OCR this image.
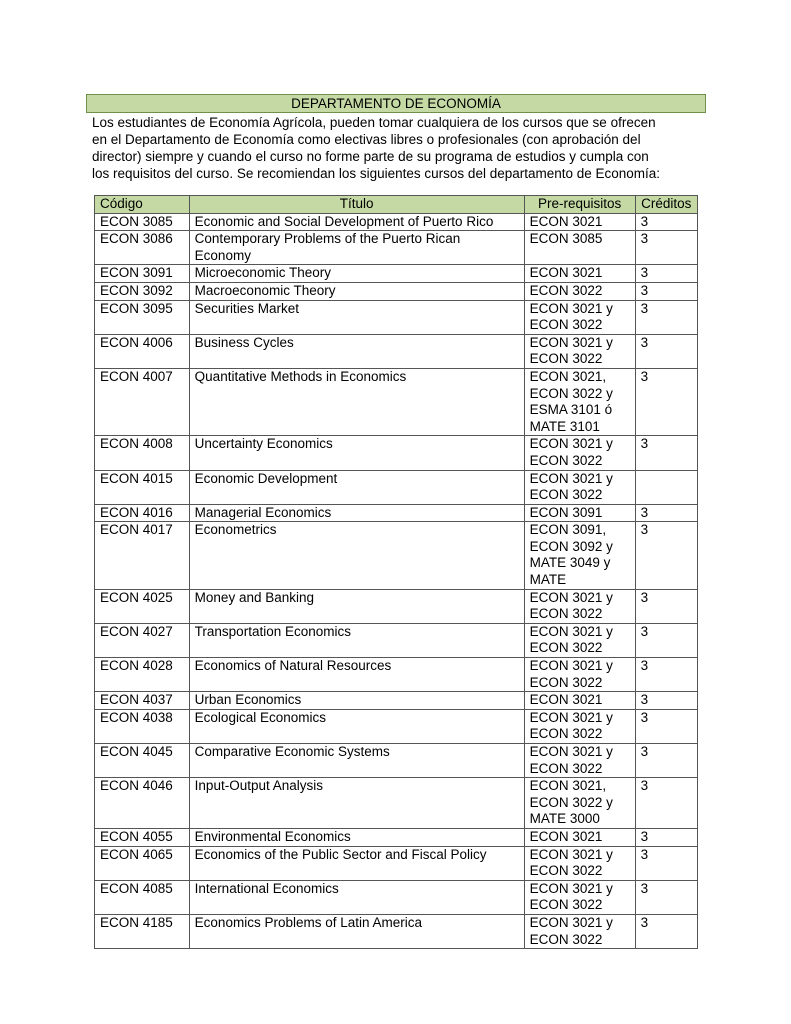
DEPARTAMENTO DE ECONOMÍA
Los estudiantes de Economía Agrícola, pueden tomar cualquiera de los cursos que se ofrecen
en el Departamento de Economía como electivas libres o profesionales (con aprobación del
director) siempre y cuando el curso no forme parte de su programa de estudios y cumpla con
los requisitos del curso. Se recomiendan los siguientes cursos del departamento de Economía:
Código	Título	Pre-requisitos	Créditos
ECON 3085	Economic and Social Development of Puerto Rico	ECON 3021	3
ECON 3086	Contemporary Problems of the Puerto Rican
Economy	ECON 3085	3
ECON 3091	Microeconomic Theory	ECON 3021	3
ECON 3092	Macroeconomic Theory	ECON 3022	3
ECON 3095	Securities Market	ECON 3021 y
ECON 3022	3
ECON 4006	Business Cycles	ECON 3021 y
ECON 3022	3
ECON 4007	Quantitative Methods in Economics	ECON 3021,
ECON 3022 y
ESMA 3101 ó
MATE 3101	3
ECON 4008	Uncertainty Economics	ECON 3021 y
ECON 3022	3
ECON 4015	Economic Development	ECON 3021 y
ECON 3022	

ECON 4016	Managerial Economics	ECON 3091	3
ECON 4017	Econometrics	ECON 3091,
ECON 3092 y
MATE 3049 y
MATE	3
ECON 4025	Money and Banking	ECON 3021 y
ECON 3022	3
ECON 4027	Transportation Economics	ECON 3021 y
ECON 3022	3
ECON 4028	Economics of Natural Resources	ECON 3021 y
ECON 3022	3
ECON 4037	Urban Economics	ECON 3021	3
ECON 4038	Ecological Economics	ECON 3021 y
ECON 3022	3
ECON 4045	Comparative Economic Systems	ECON 3021 y
ECON 3022	3
ECON 4046	Input-Output Analysis	ECON 3021,
ECON 3022 y
MATE 3000	3
ECON 4055	Environmental Economics	ECON 3021	3
ECON 4065	Economics of the Public Sector and Fiscal Policy	ECON 3021 y
ECON 3022	3
ECON 4085	International Economics	ECON 3021 y
ECON 3022	3
ECON 4185	Economics Problems of Latin America	ECON 3021 y
ECON 3022	3
